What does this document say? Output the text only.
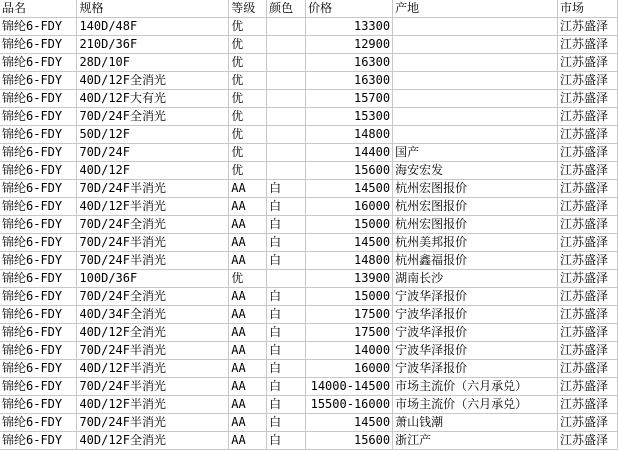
品名	规格	等级	颜色	价格	产地	市场
锦纶6-FDY	140D/48F	优		13300		江苏盛泽
锦纶6-FDY	210D/36F	优		12900		江苏盛泽
锦纶6-FDY	28D/10F	优		16300		江苏盛泽
锦纶6-FDY	40D/12F全消光	优		16300		江苏盛泽
锦纶6-FDY	40D/12F大有光	优		15700		江苏盛泽
锦纶6-FDY	70D/24F全消光	优		15300		江苏盛泽
锦纶6-FDY	50D/12F	优		14800		江苏盛泽
锦纶6-FDY	70D/24F	优		14400	国产	江苏盛泽
锦纶6-FDY	40D/12F	优		15600	海安宏发	江苏盛泽
锦纶6-FDY	70D/24F半消光	AA	白	14500	杭州宏图报价	江苏盛泽
锦纶6-FDY	40D/12F半消光	AA	白	16000	杭州宏图报价	江苏盛泽
锦纶6-FDY	70D/24F全消光	AA	白	15000	杭州宏图报价	江苏盛泽
锦纶6-FDY	70D/24F半消光	AA	白	14500	杭州美邦报价	江苏盛泽
锦纶6-FDY	70D/24F半消光	AA	白	14800	杭州鑫福报价	江苏盛泽
锦纶6-FDY	100D/36F	优		13900	湖南长沙	江苏盛泽
锦纶6-FDY	70D/24F全消光	AA	白	15000	宁波华泽报价	江苏盛泽
锦纶6-FDY	40D/34F全消光	AA	白	17500	宁波华泽报价	江苏盛泽
锦纶6-FDY	40D/12F全消光	AA	白	17500	宁波华泽报价	江苏盛泽
锦纶6-FDY	70D/24F半消光	AA	白	14000	宁波华泽报价	江苏盛泽
锦纶6-FDY	40D/12F半消光	AA	白	16000	宁波华泽报价	江苏盛泽
锦纶6-FDY	70D/24F半消光	AA	白	14000-14500	市场主流价（六月承兑）	江苏盛泽
锦纶6-FDY	40D/12F半消光	AA	白	15500-16000	市场主流价（六月承兑）	江苏盛泽
锦纶6-FDY	70D/24F半消光	AA	白	14500	萧山钱潮	江苏盛泽
锦纶6-FDY	40D/12F全消光	AA	白	15600	浙江产	江苏盛泽
